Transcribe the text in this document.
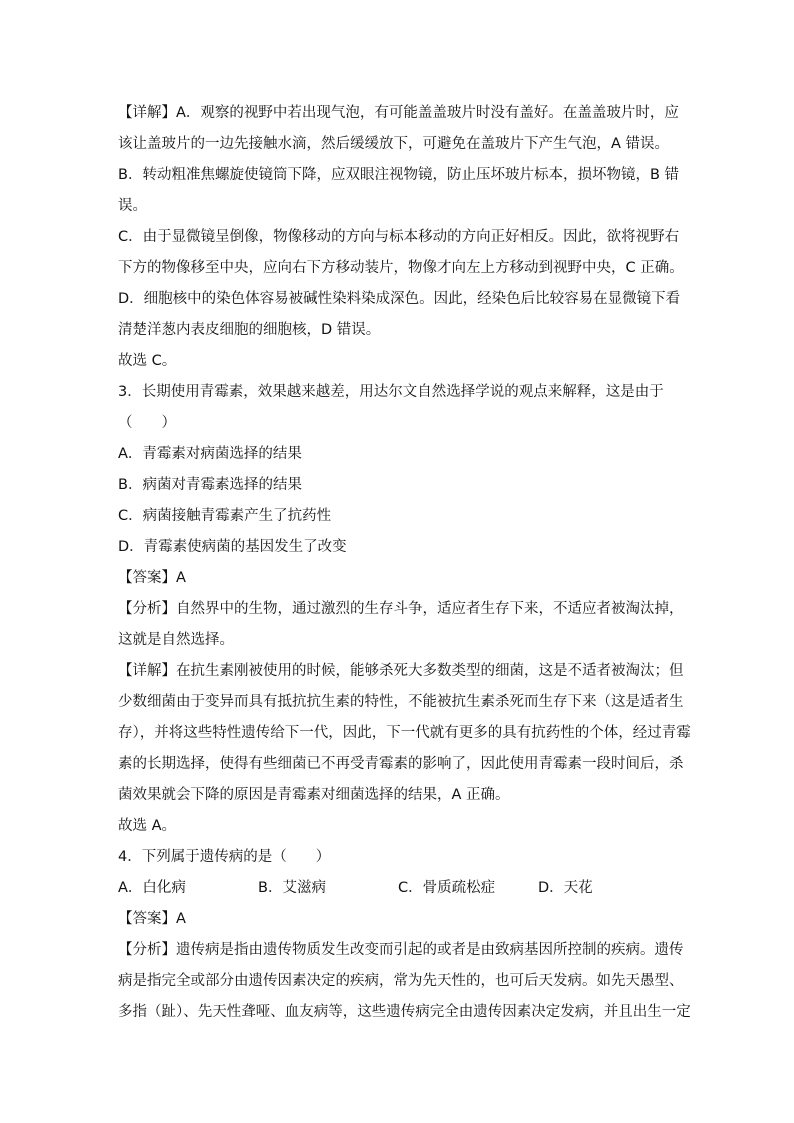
【详解】A．观察的视野中若出现气泡，有可能盖盖玻片时没有盖好。在盖盖玻片时，应
该让盖玻片的一边先接触水滴，然后缓缓放下，可避免在盖玻片下产生气泡，A 错误。
B．转动粗准焦螺旋使镜筒下降，应双眼注视物镜，防止压坏玻片标本，损坏物镜，B 错
误。
C．由于显微镜呈倒像，物像移动的方向与标本移动的方向正好相反。因此，欲将视野右
下方的物像移至中央，应向右下方移动装片，物像才向左上方移动到视野中央，C 正确。
D．细胞核中的染色体容易被碱性染料染成深色。因此，经染色后比较容易在显微镜下看
清楚洋葱内表皮细胞的细胞核，D 错误。
故选 C。
3．长期使用青霉素，效果越来越差，用达尔文自然选择学说的观点来解释，这是由于
（　　）
A．青霉素对病菌选择的结果
B．病菌对青霉素选择的结果
C．病菌接触青霉素产生了抗药性
D．青霉素使病菌的基因发生了改变
【答案】A
【分析】自然界中的生物，通过激烈的生存斗争，适应者生存下来，不适应者被淘汰掉，
这就是自然选择。
【详解】在抗生素刚被使用的时候，能够杀死大多数类型的细菌，这是不适者被淘汰；但
少数细菌由于变异而具有抵抗抗生素的特性，不能被抗生素杀死而生存下来（这是适者生
存），并将这些特性遗传给下一代，因此，下一代就有更多的具有抗药性的个体，经过青霉
素的长期选择，使得有些细菌已不再受青霉素的影响了，因此使用青霉素一段时间后，杀
菌效果就会下降的原因是青霉素对细菌选择的结果，A 正确。
故选 A。
4．下列属于遗传病的是（　　）
A．白化病	B．艾滋病	C．骨质疏松症	D．天花
【答案】A
【分析】遗传病是指由遗传物质发生改变而引起的或者是由致病基因所控制的疾病。遗传
病是指完全或部分由遗传因素决定的疾病，常为先天性的，也可后天发病。如先天愚型、
多指（趾）、先天性聋哑、血友病等，这些遗传病完全由遗传因素决定发病，并且出生一定
